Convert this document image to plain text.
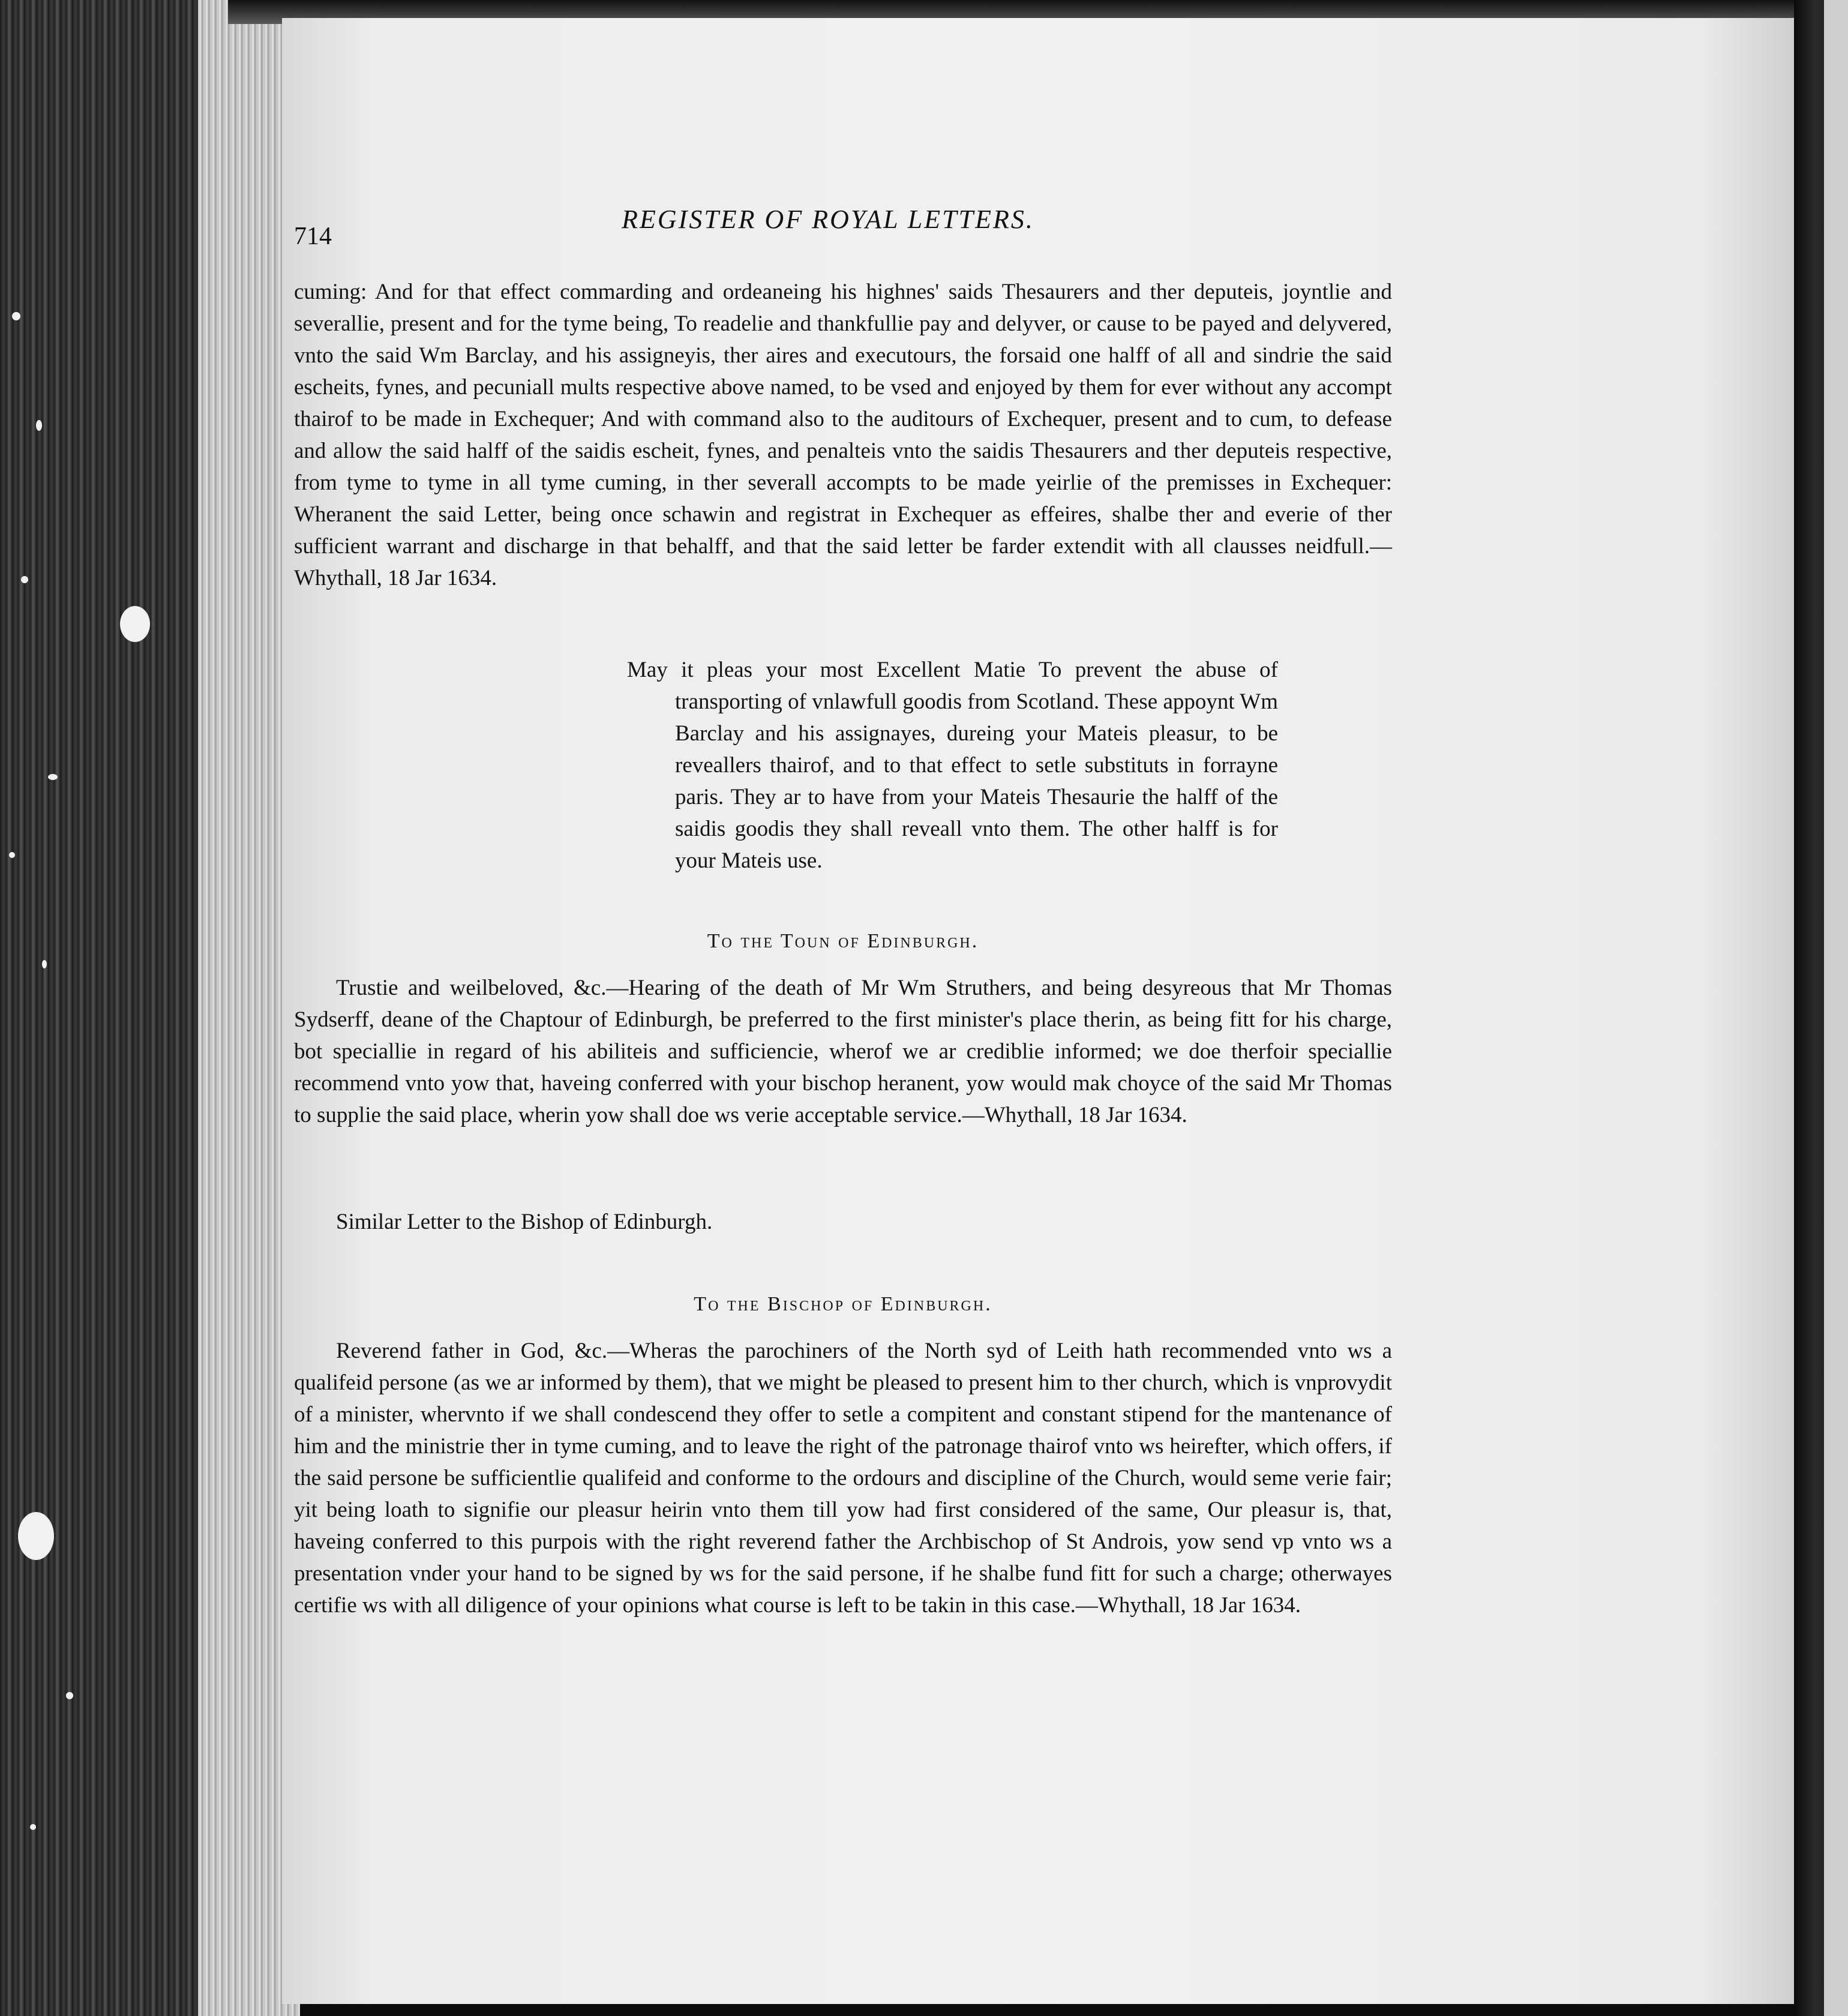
714
REGISTER OF ROYAL LETTERS.

cuming: And for that effect commarding and ordeaneing his highnes' saids Thesaurers and ther deputeis, joyntlie and severallie, present and for the tyme being, To readelie and thankfullie pay and delyver, or cause to be payed and delyvered, vnto the said Wm Barclay, and his assigneyis, ther aires and executours, the forsaid one halff of all and sindrie the said escheits, fynes, and pecuniall mults respective above named, to be vsed and enjoyed by them for ever without any accompt thairof to be made in Exchequer; And with command also to the auditours of Exchequer, present and to cum, to defease and allow the said halff of the saidis escheit, fynes, and penalteis vnto the saidis Thesaurers and ther deputeis respective, from tyme to tyme in all tyme cuming, in ther severall accompts to be made yeirlie of the premisses in Exchequer: Wheranent the said Letter, being once schawin and registrat in Exchequer as effeires, shalbe ther and everie of ther sufficient warrant and discharge in that behalff, and that the said letter be farder extendit with all clausses neidfull.—Whythall, 18 Jar 1634.

May it pleas your most Excellent Matie To prevent the abuse of transporting of vnlawfull goodis from Scotland. These appoynt Wm Barclay and his assignayes, dureing your Mateis pleasur, to be reveallers thairof, and to that effect to setle substituts in forrayne paris. They ar to have from your Mateis Thesaurie the halff of the saidis goodis they shall reveall vnto them. The other halff is for your Mateis use.

To the Toun of Edinburgh.

Trustie and weilbeloved, &c.—Hearing of the death of Mr Wm Struthers, and being desyreous that Mr Thomas Sydserff, deane of the Chaptour of Edinburgh, be preferred to the first minister's place therin, as being fitt for his charge, bot speciallie in regard of his abiliteis and sufficiencie, wherof we ar crediblie informed; we doe therfoir speciallie recommend vnto yow that, haveing conferred with your bischop heranent, yow would mak choyce of the said Mr Thomas to supplie the said place, wherin yow shall doe ws verie acceptable service.—Whythall, 18 Jar 1634.

Similar Letter to the Bishop of Edinburgh.

To the Bischop of Edinburgh.

Reverend father in God, &c.—Wheras the parochiners of the North syd of Leith hath recommended vnto ws a qualifeid persone (as we ar informed by them), that we might be pleased to present him to ther church, which is vnprovydit of a minister, whervnto if we shall condescend they offer to setle a compitent and constant stipend for the mantenance of him and the ministrie ther in tyme cuming, and to leave the right of the patronage thairof vnto ws heirefter, which offers, if the said persone be sufficientlie qualifeid and conforme to the ordours and discipline of the Church, would seme verie fair; yit being loath to signifie our pleasur heirin vnto them till yow had first considered of the same, Our pleasur is, that, haveing conferred to this purpois with the right reverend father the Archbischop of St Androis, yow send vp vnto ws a presentation vnder your hand to be signed by ws for the said persone, if he shalbe fund fitt for such a charge; otherwayes certifie ws with all diligence of your opinions what course is left to be takin in this case.—Whythall, 18 Jar 1634.
